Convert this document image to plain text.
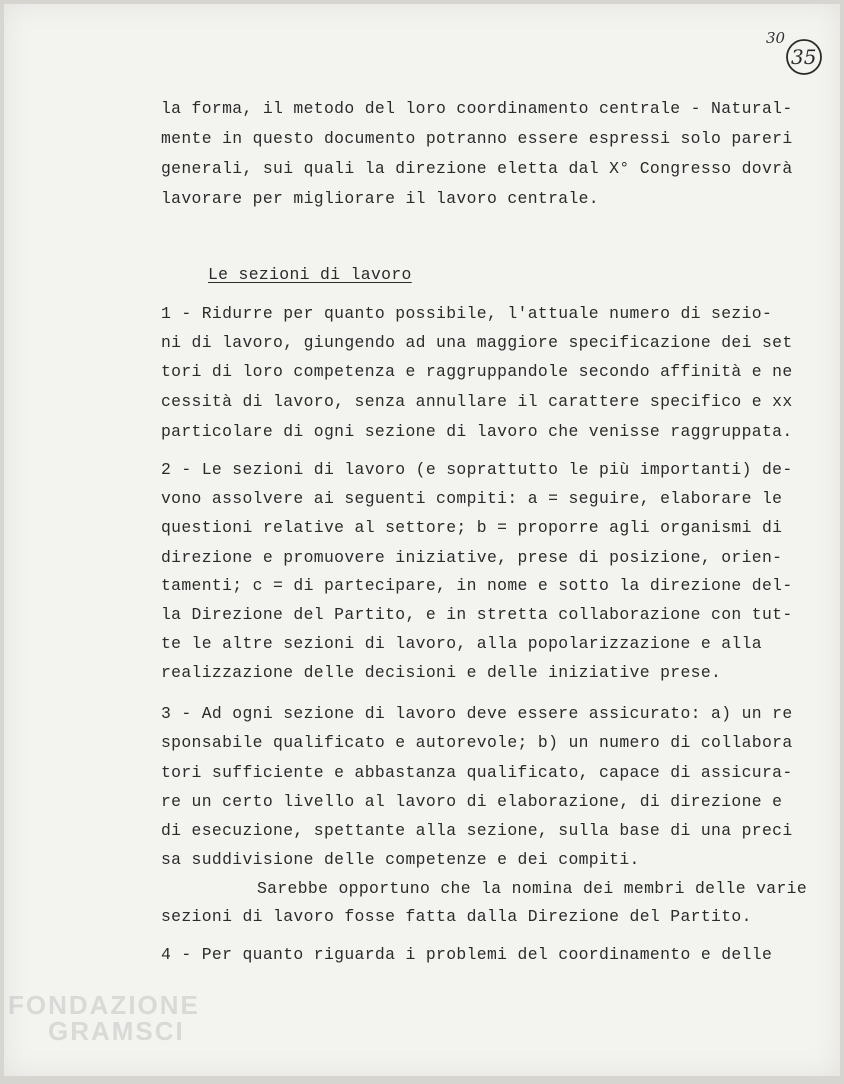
30
35
la forma, il metodo del loro coordinamento centrale - Natural-
mente in questo documento potranno essere espressi solo pareri
generali, sui quali la direzione eletta dal X° Congresso dovrà
lavorare per migliorare il lavoro centrale.
Le sezioni di lavoro
1 - Ridurre per quanto possibile, l'attuale numero di sezio-
ni di lavoro, giungendo ad una maggiore specificazione dei set
tori di loro competenza e raggruppandole secondo affinità e ne
cessità di lavoro, senza annullare il carattere specifico e xx
particolare di ogni sezione di lavoro che venisse raggruppata.
2 - Le sezioni di lavoro (e soprattutto le più importanti) de-
vono assolvere ai seguenti compiti: a = seguire, elaborare le
questioni relative al settore; b = proporre agli organismi di
direzione e promuovere iniziative, prese di posizione, orien-
tamenti; c = di partecipare, in nome e sotto la direzione del-
la Direzione del Partito, e in stretta collaborazione con tut-
te le altre sezioni di lavoro, alla popolarizzazione e alla
realizzazione delle decisioni e delle iniziative prese.
3 - Ad ogni sezione di lavoro deve essere assicurato: a) un re
sponsabile qualificato e autorevole; b) un numero di collabora
tori sufficiente e abbastanza qualificato, capace di assicura-
re un certo livello al lavoro di elaborazione, di direzione e
di esecuzione, spettante alla sezione, sulla base di una preci
sa suddivisione delle competenze e dei compiti.
Sarebbe opportuno che la nomina dei membri delle varie
sezioni di lavoro fosse fatta dalla Direzione del Partito.
4 - Per quanto riguarda i problemi del coordinamento e delle
FONDAZIONE
GRAMSCI
